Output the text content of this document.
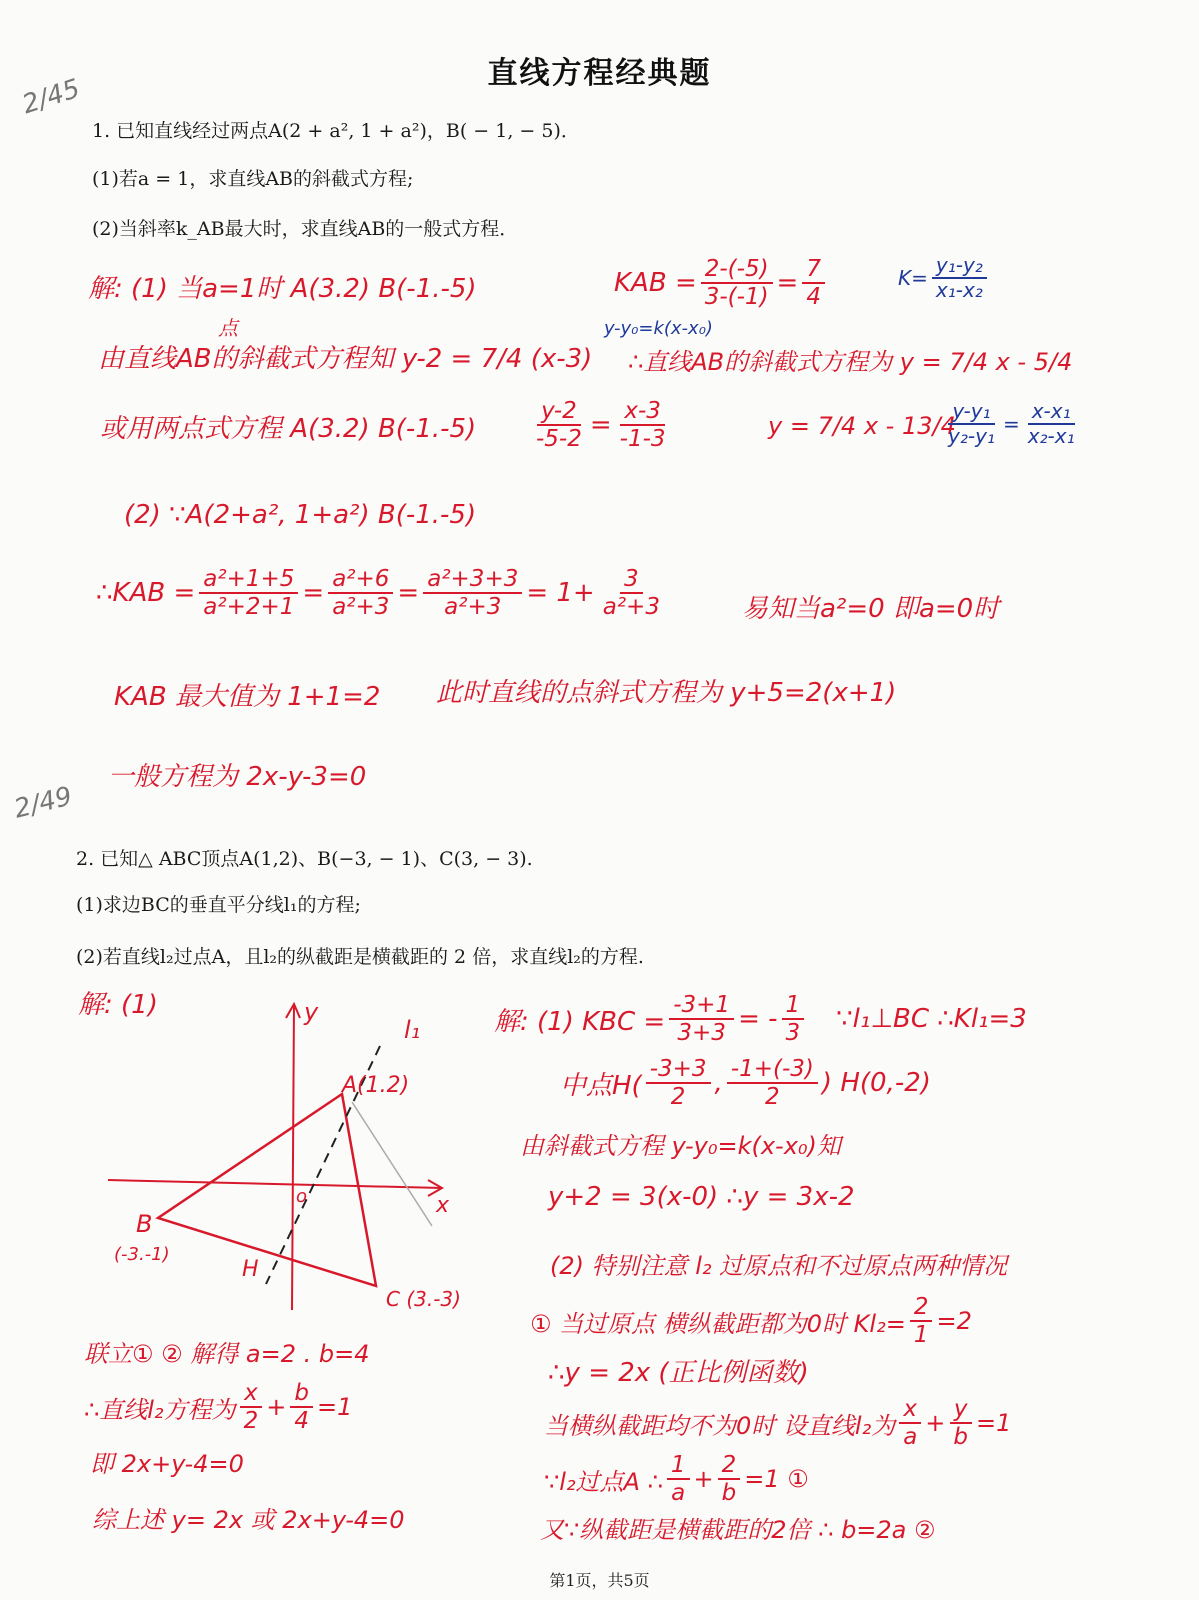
直线方程经典题
2/45
2/49
1. 已知直线经过两点A(2 + a², 1 + a²)，B( − 1, − 5)．
(1)若a = 1，求直线AB的斜截式方程;
(2)当斜率k_AB最大时，求直线AB的一般式方程．
解: (1) 当a=1时 A(3.2) B(-1.-5)	KAB = $\frac{2-(-5)}{3-(-1)} = \frac{7}{4}$	$K= \frac{\text{y₁-y₂}}{\text{x₁-x₂}}$
点	y-y₀=k(x-x₀)
由直线AB的斜截式方程知 y-2 = 7/4 (x-3) ∴直线AB的斜截式方程为 y = 7/4 x - 5/4
或用两点式方程 A(3.2) $B(-1.-5) \frac{y-2}{-5-2} = \frac{x-3}{-1-3}$	y = 7/4 x - 13/4
$\frac{\text{y-y₁}}{\text{y₂-y₁}} = \frac{\text{x-x₁}}{\text{x₂-x₁}}$
(2) ∵A(2+a², 1+a²) B(-1.-5)
∴KAB = $\frac{\text{a²+1+5}}{\text{a²+2+1}} = \frac{\text{a²+6}}{\text{a²+3}} = \frac{\text{a²+3+3}}{\text{a²+3}} = 1+ \frac{3}{\text{a²+3}}$	易知当a²=0 即a=0时
KAB 最大值为 1+1=2 此时直线的点斜式方程为 y+5=2(x+1)
一般方程为 2x-y-3=0
2. 已知△ ABC顶点A(1,2)、B(−3, − 1)、C(3, − 3).
(1)求边BC的垂直平分线l₁的方程;
(2)若直线l₂过点A，且l₂的纵截距是横截距的 2 倍，求直线l₂的方程.
解: (1)	y
x
l₁
A(1.2)
B
(-3.-1)
C (3.-3)
H
o
解: (1) KBC = $\frac{-3+1}{3+3}$ = - $\frac{1}{3}$ ∵l₁⊥BC ∴Kl₁=3
中点$H( \frac{-3+3}{2}$ , $\frac{-1+(-3)}{2}$ ) H(0,-2)
由斜截式方程 y-y₀=k(x-x₀)知
y+2 = 3(x-0) ∴y = 3x-2
(2) 特别注意 l₂ 过原点和不过原点两种情况
① 当过原点 横纵截距都为0时 $Kl_2= \frac{2}{1} =2$
∴y = 2x (正比例函数)
当横纵截距均不为0时 设直线l₂为 $\frac{x}{a} + \frac{y}{b} =1$
∵l₂过点A ∴ $\frac{1}{a} + \frac{2}{b} =1$ ①
又∵纵截距是横截距的2倍 ∴ b=2a ②
联立① ② 解得 a=2 . b=4
∴直线l₂方程为 $\frac{x}{2} + \frac{b}{4} =1$
即 2x+y-4=0
综上述 y= 2x 或 2x+y-4=0
第1页，共5页
